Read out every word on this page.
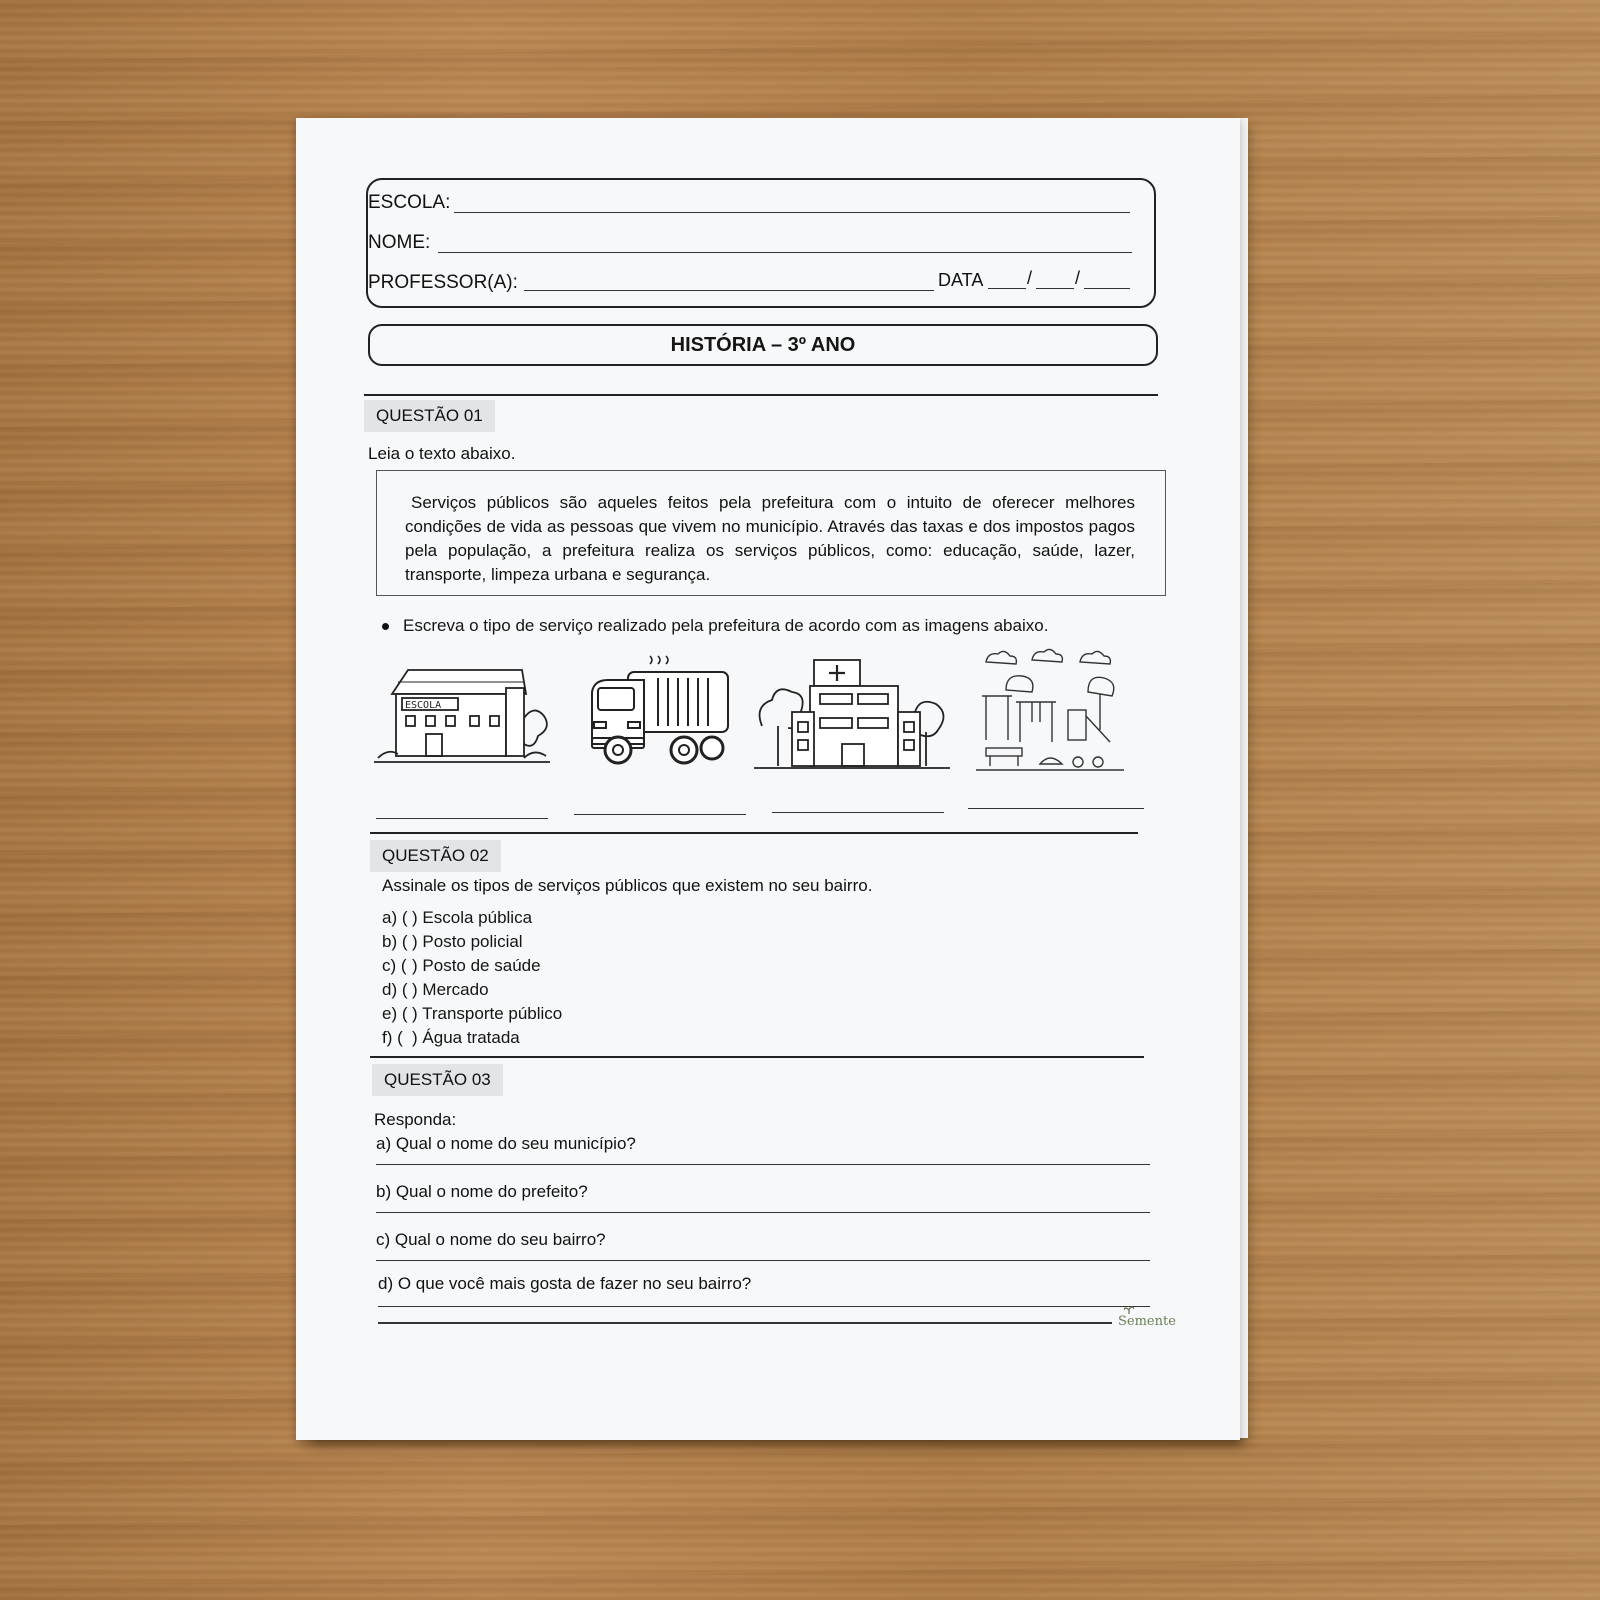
ESCOLA:
NOME:
PROFESSOR(A):	DATA / /
HISTÓRIA – 3º ANO
QUESTÃO 01
Leia o texto abaixo.
Serviços públicos são aqueles feitos pela prefeitura com o intuito de oferecer melhores condições de vida as pessoas que vivem no município. Através das taxas e dos impostos pagos pela população, a prefeitura realiza os serviços públicos, como: educação, saúde, lazer, transporte, limpeza urbana e segurança.
Escreva o tipo de serviço realizado pela prefeitura de acordo com as imagens abaixo.
ESCOLA
QUESTÃO 02
Assinale os tipos de serviços públicos que existem no seu bairro.
a) ( ) Escola pública
b) ( ) Posto policial
c) ( ) Posto de saúde
d) ( ) Mercado
e) ( ) Transporte público
f) ( ) Água tratada
QUESTÃO 03
Responda:
a) Qual o nome do seu município?
b) Qual o nome do prefeito?
c) Qual o nome do seu bairro?
d) O que você mais gosta de fazer no seu bairro?
Semente
